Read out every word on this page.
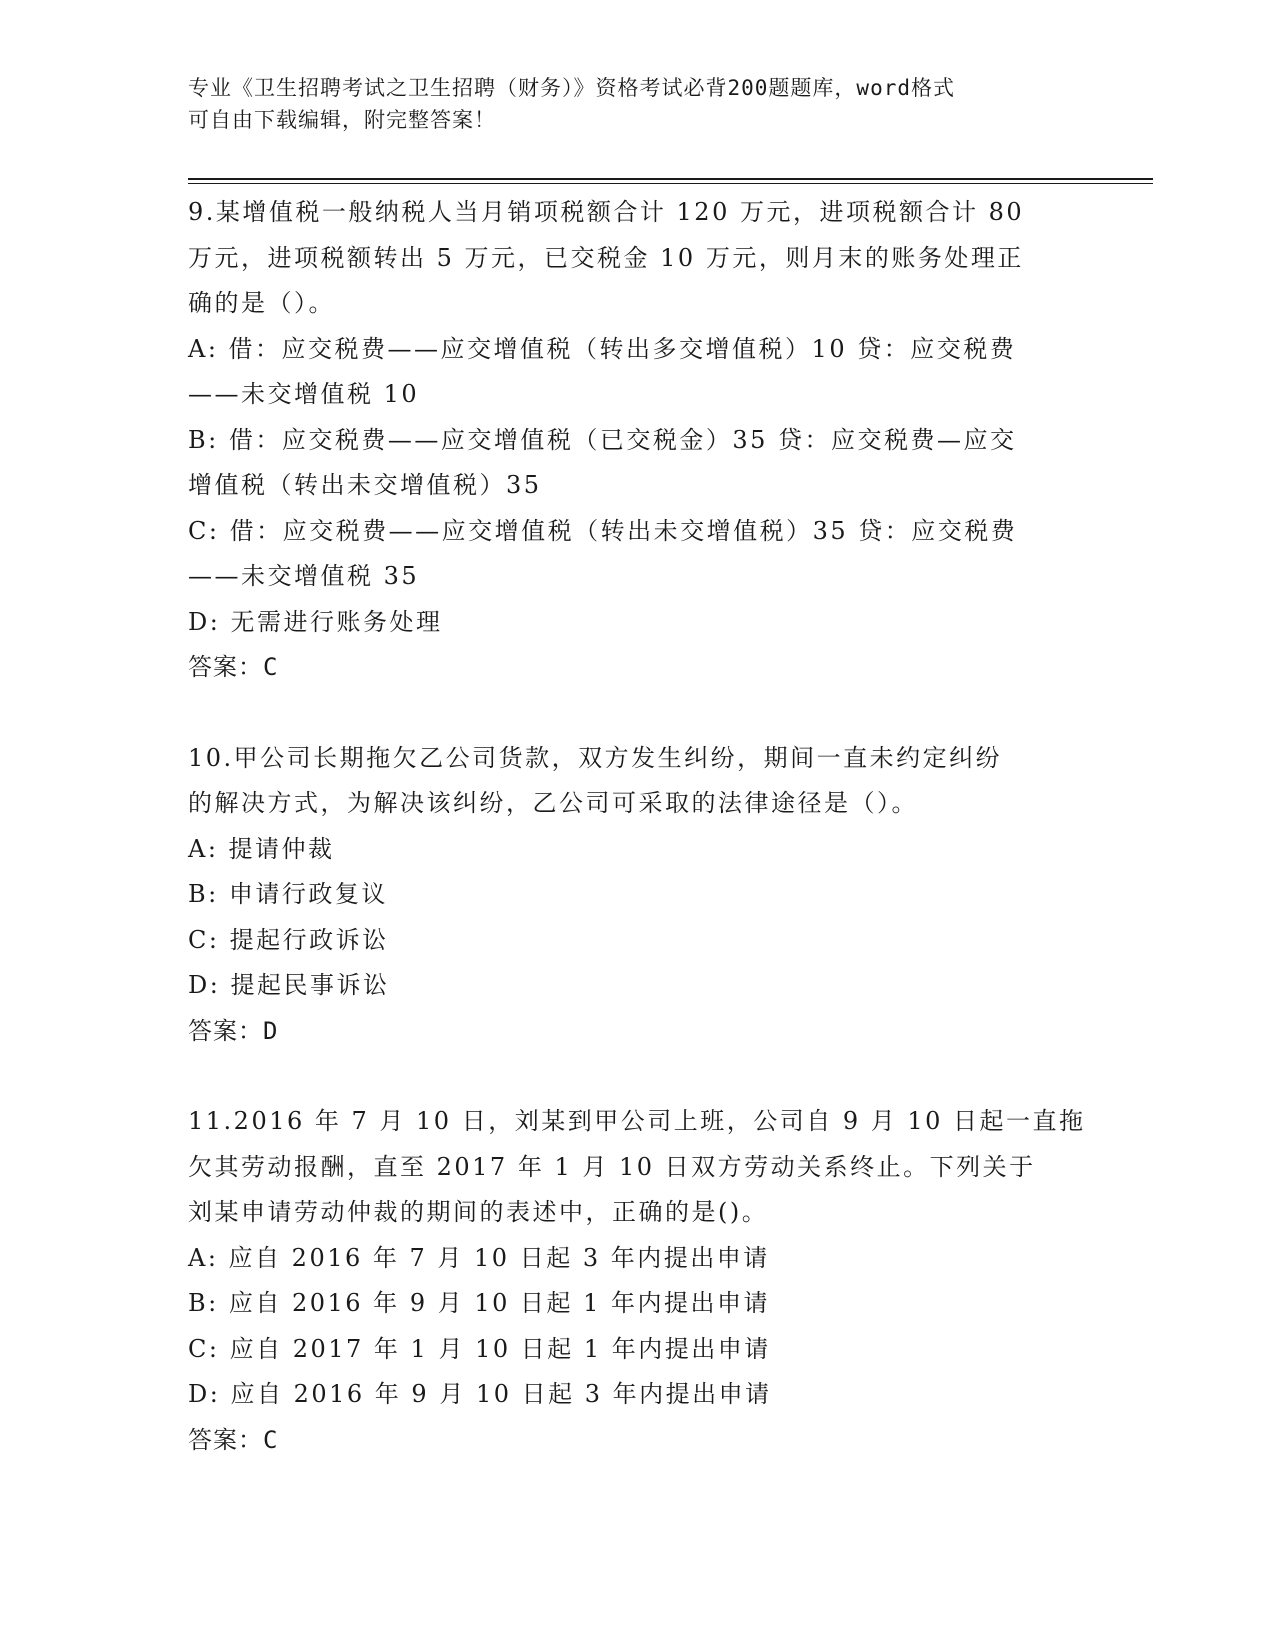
专业《卫生招聘考试之卫生招聘（财务）》资格考试必背200题题库，word格式
可自由下载编辑，附完整答案！
9.某增值税一般纳税人当月销项税额合计 120 万元，进项税额合计 80
万元，进项税额转出 5 万元，已交税金 10 万元，则月末的账务处理正
确的是（）。
A: 借：应交税费——应交增值税（转出多交增值税）10 贷：应交税费
——未交增值税 10
B: 借：应交税费——应交增值税（已交税金）35 贷：应交税费—应交
增值税（转出未交增值税）35
C: 借：应交税费——应交增值税（转出未交增值税）35 贷：应交税费
——未交增值税 35
D: 无需进行账务处理
答案：C
10.甲公司长期拖欠乙公司货款，双方发生纠纷，期间一直未约定纠纷
的解决方式，为解决该纠纷，乙公司可采取的法律途径是（）。
A: 提请仲裁
B: 申请行政复议
C: 提起行政诉讼
D: 提起民事诉讼
答案：D
11.2016 年 7 月 10 日，刘某到甲公司上班，公司自 9 月 10 日起一直拖
欠其劳动报酬，直至 2017 年 1 月 10 日双方劳动关系终止。下列关于
刘某申请劳动仲裁的期间的表述中，正确的是()。
A: 应自 2016 年 7 月 10 日起 3 年内提出申请
B: 应自 2016 年 9 月 10 日起 1 年内提出申请
C: 应自 2017 年 1 月 10 日起 1 年内提出申请
D: 应自 2016 年 9 月 10 日起 3 年内提出申请
答案：C
